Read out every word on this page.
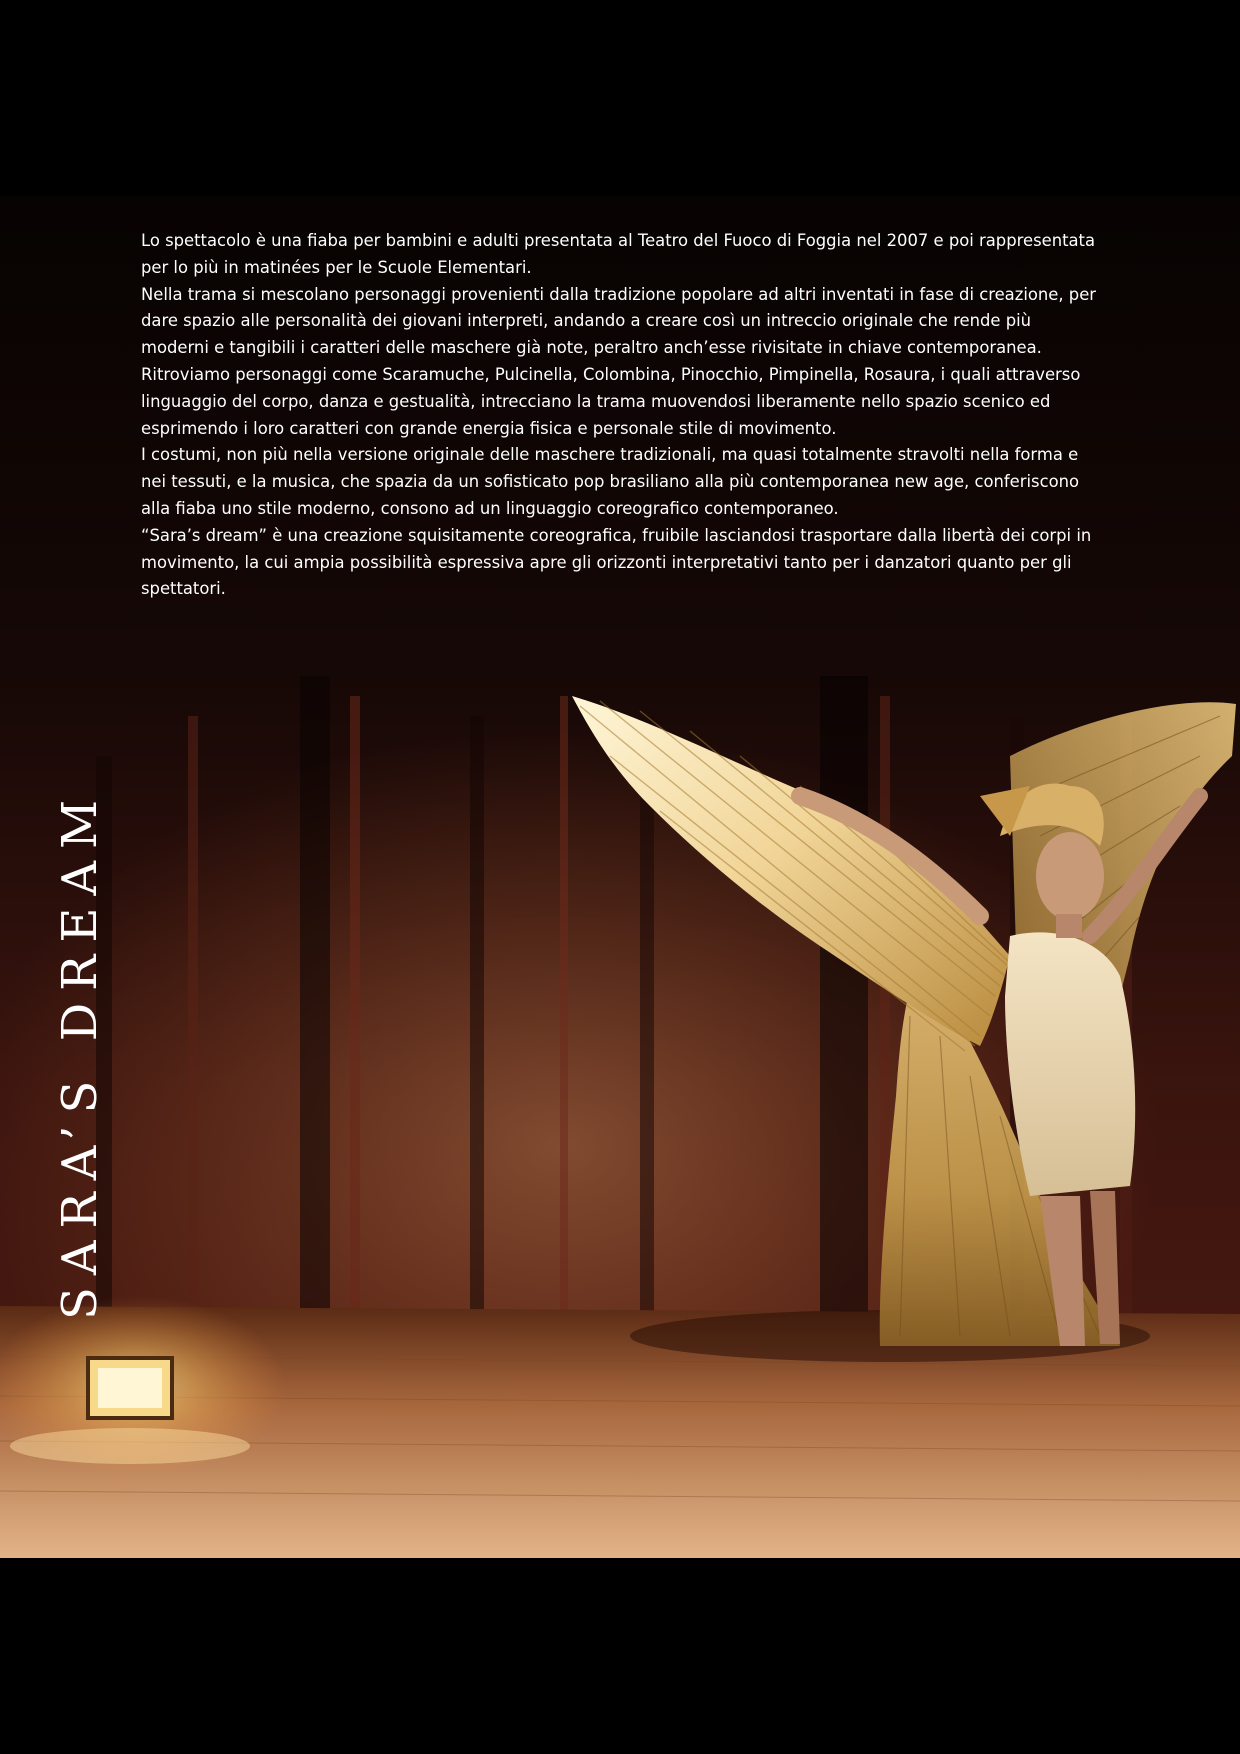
Lo spettacolo è una fiaba per bambini e adulti presentata al Teatro del Fuoco di Foggia nel 2007 e poi rappresentata per lo più in matinées per le Scuole Elementari.

Nella trama si mescolano personaggi provenienti dalla tradizione popolare ad altri inventati in fase di creazione, per dare spazio alle personalità dei giovani interpreti, andando a creare così un intreccio originale che rende più moderni e tangibili i caratteri delle maschere già note, peraltro anch’esse rivisitate in chiave contemporanea.

Ritroviamo personaggi come Scaramuche, Pulcinella, Colombina, Pinocchio, Pimpinella, Rosaura, i quali attraverso linguaggio del corpo, danza e gestualità, intrecciano la trama muovendosi liberamente nello spazio scenico ed esprimendo i loro caratteri con grande energia fisica e personale stile di movimento.

I costumi, non più nella versione originale delle maschere tradizionali, ma quasi totalmente stravolti nella forma e nei tessuti, e la musica, che spazia da un sofisticato pop brasiliano alla più contemporanea new age, conferiscono alla fiaba uno stile moderno, consono ad un linguaggio coreografico contemporaneo.

“Sara’s dream” è una creazione squisitamente coreografica, fruibile lasciandosi trasportare dalla libertà dei corpi in movimento, la cui ampia possibilità espressiva apre gli orizzonti interpretativi tanto per i danzatori quanto per gli spettatori.

SARA’S DREAM
